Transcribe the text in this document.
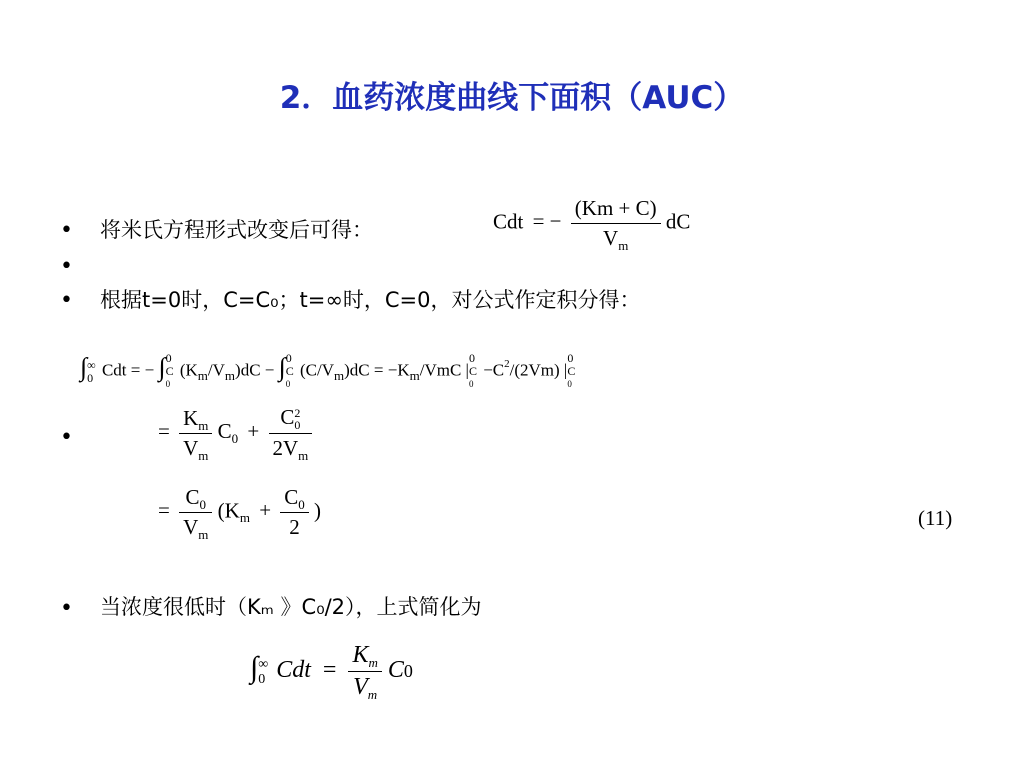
2．血药浓度曲线下面积（AUC）
• 将米氏方程形式改变后可得：	Cdt = − $\frac{(Km + C)}{V_m}$ dC
•
• 根据t=0时，C=C₀；t=∞时，C=0，对公式作定积分得：
∫ ∞
0 Cdt = − ∫ 0
C
0
$(K_m/V_m)dC$ − ∫ 0
C
0
$(C/V_m)dC = -K_m/VmC$ |
0
C
0
$-C^2/(2Vm)$ |
0
C
0
•	= $\frac{K_m}{V_m} C_0 + C$ 2
0
$2V_m$
= $\frac{C_0}{V_m} (K_m + \frac{C_0}{2}$ )	(11)
• 当浓度很低时（Kₘ 》C₀/2），上式简化为
∫ ∞
0 Cdt = $\frac{K_m}{V_m} C0$
